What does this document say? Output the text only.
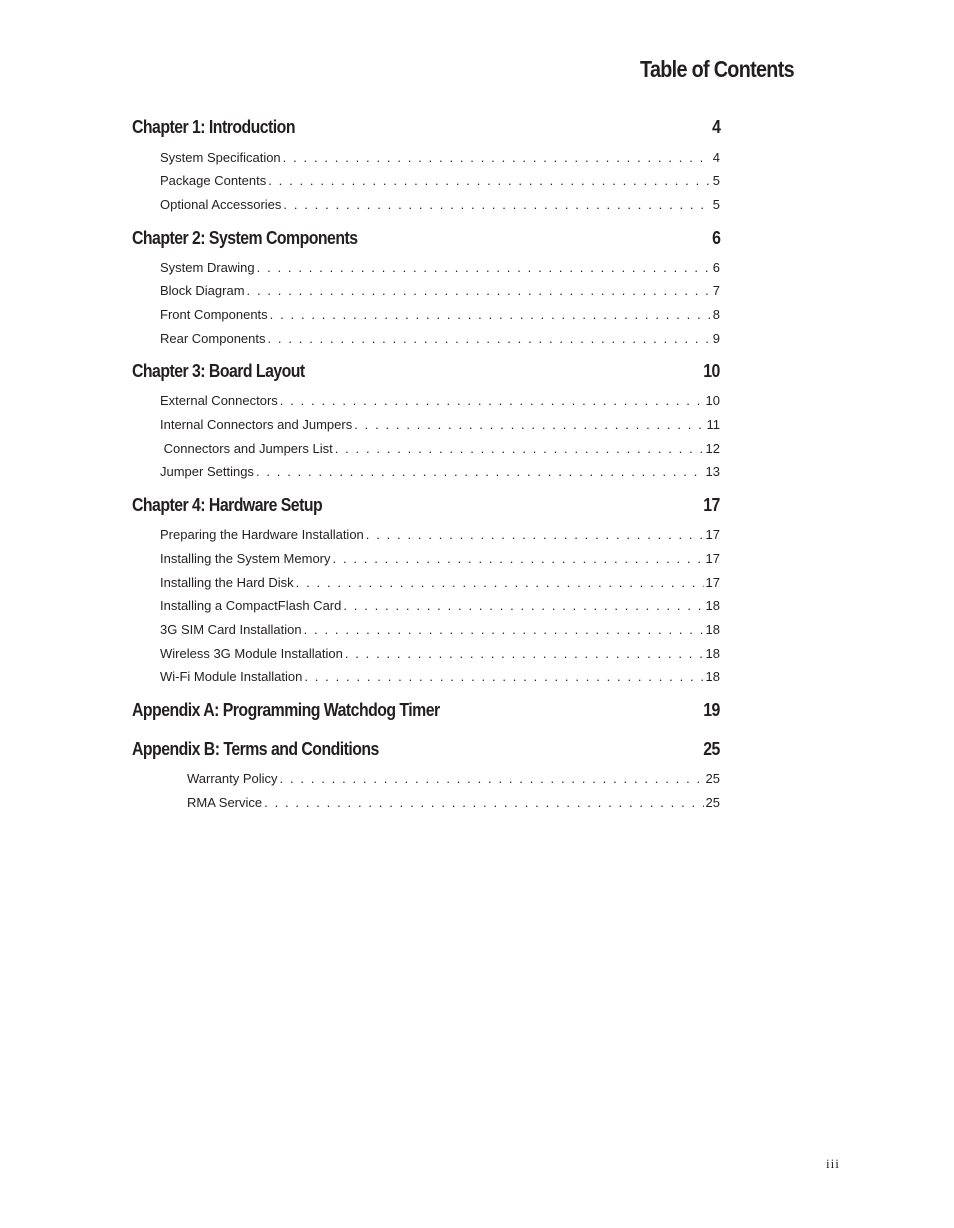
Table of Contents
Chapter 1: Introduction	4
System Specification . . .	4
Package Contents . . .	5
Optional Accessories . . .	5
Chapter 2: System Components	6
System Drawing . . .	6
Block Diagram . . .	7
Front Components . . .	8
Rear Components . . .	9
Chapter 3: Board Layout	10
External Connectors . . .	10
Internal Connectors and Jumpers . . .	11
Connectors and Jumpers List . . .	12
Jumper Settings . . .	13
Chapter 4: Hardware Setup	17
Preparing the Hardware Installation . . .	17
Installing the System Memory . . .	17
Installing the Hard Disk . . .	17
Installing a CompactFlash Card . . .	18
3G SIM Card Installation . . .	18
Wireless 3G Module Installation . . .	18
Wi-Fi Module Installation . . .	18
Appendix A: Programming Watchdog Timer	19
Appendix B: Terms and Conditions	25
Warranty Policy . . .	25
RMA Service . . .	25
iii
